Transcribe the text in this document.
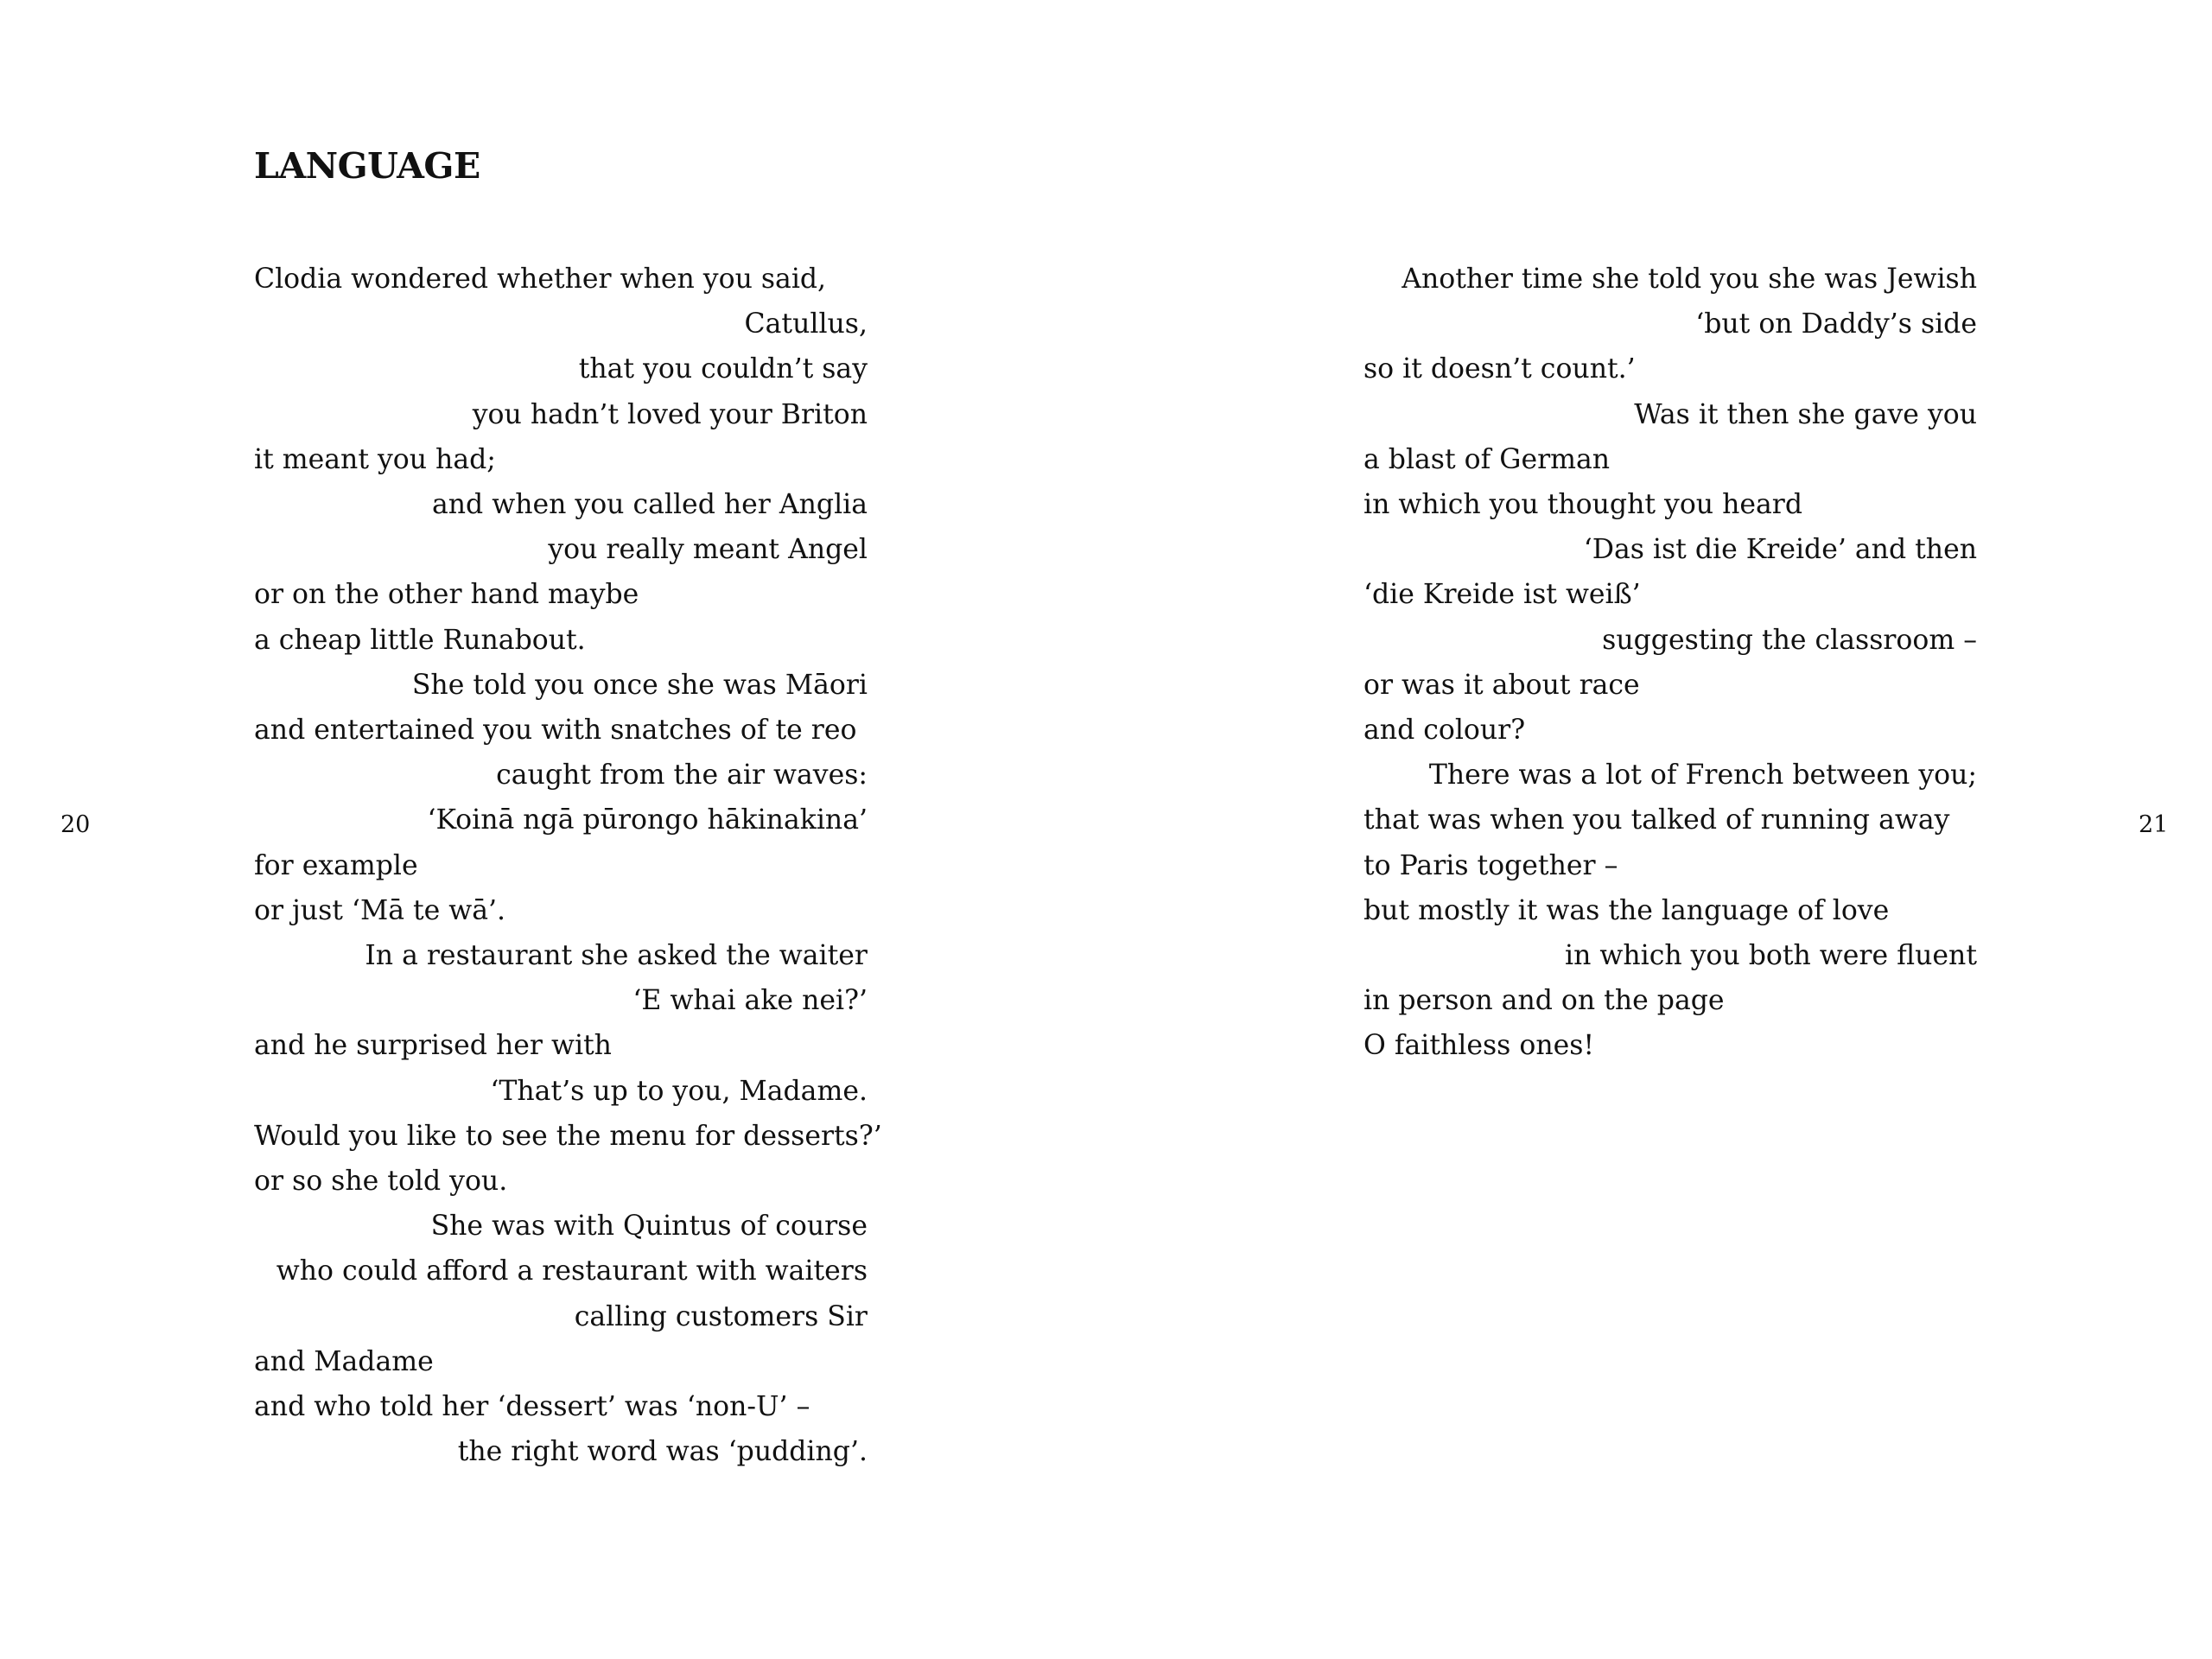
20	21
LANGUAGE
Clodia wondered whether when you said,
Catullus,
that you couldn’t say
you hadn’t loved your Briton
it meant you had;
and when you called her Anglia
you really meant Angel
or on the other hand maybe
a cheap little Runabout.
She told you once she was Māori
and entertained you with snatches of te reo
caught from the air waves:
‘Koinā ngā pūrongo hākinakina’
for example
or just ‘Mā te wā’.
In a restaurant she asked the waiter
‘E whai ake nei?’
and he surprised her with
‘That’s up to you, Madame.
Would you like to see the menu for desserts?’
or so she told you.
She was with Quintus of course
who could afford a restaurant with waiters
calling customers Sir
and Madame
and who told her ‘dessert’ was ‘non-U’ –
the right word was ‘pudding’.
Another time she told you she was Jewish
‘but on Daddy’s side
so it doesn’t count.’
Was it then she gave you
a blast of German
in which you thought you heard
‘Das ist die Kreide’ and then
‘die Kreide ist weiß’
suggesting the classroom –
or was it about race
and colour?
There was a lot of French between you;
that was when you talked of running away
to Paris together –
but mostly it was the language of love
in which you both were fluent
in person and on the page
O faithless ones!
